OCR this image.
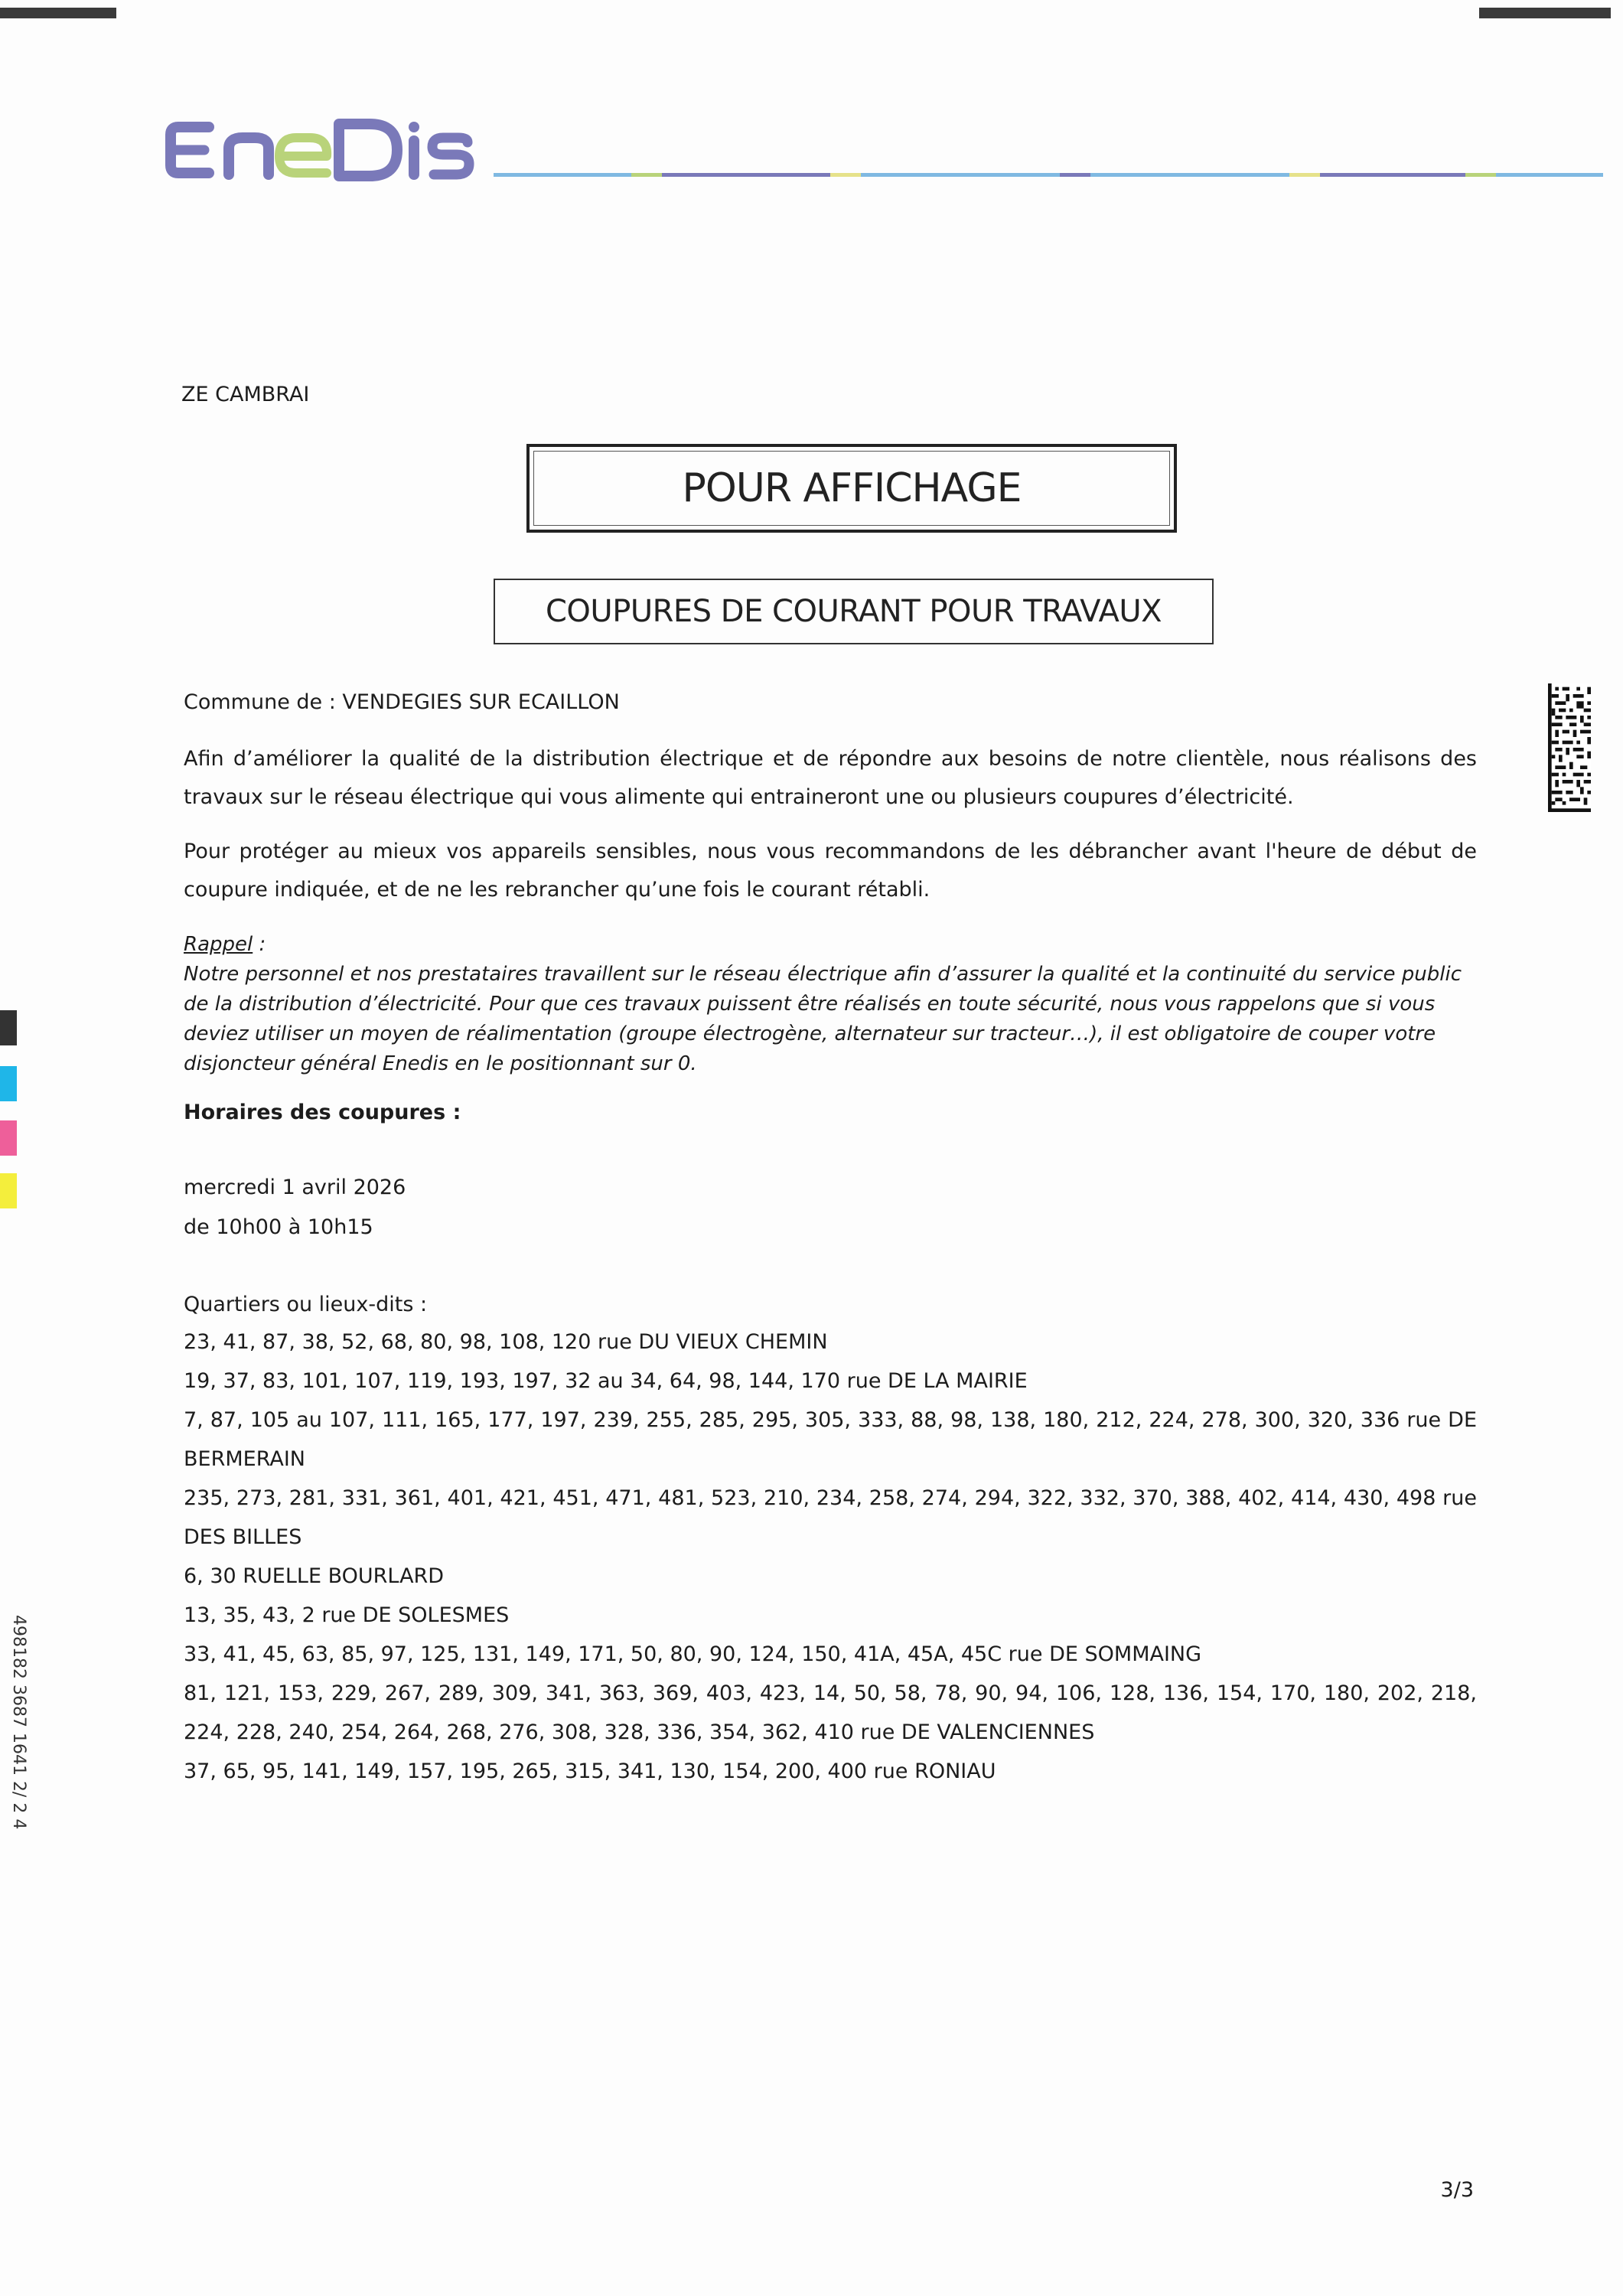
ZE CAMBRAI
POUR AFFICHAGE
COUPURES DE COURANT POUR TRAVAUX
Commune de : VENDEGIES SUR ECAILLON
Afin d’améliorer la qualité de la distribution électrique et de répondre aux besoins de notre clientèle, nous réalisons des travaux sur le réseau électrique qui vous alimente qui entraineront une ou plusieurs coupures d’électricité.
Pour protéger au mieux vos appareils sensibles, nous vous recommandons de les débrancher avant l'heure de début de coupure indiquée, et de ne les rebrancher qu’une fois le courant rétabli.
Rappel :
Notre personnel et nos prestataires travaillent sur le réseau électrique afin d’assurer la qualité et la continuité du service public de la distribution d’électricité. Pour que ces travaux puissent être réalisés en toute sécurité, nous vous rappelons que si vous deviez utiliser un moyen de réalimentation (groupe électrogène, alternateur sur tracteur…), il est obligatoire de couper votre disjoncteur général Enedis en le positionnant sur 0.
Horaires des coupures :
mercredi 1 avril 2026
de 10h00 à 10h15
Quartiers ou lieux-dits :
23, 41, 87, 38, 52, 68, 80, 98, 108, 120 rue DU VIEUX CHEMIN
19, 37, 83, 101, 107, 119, 193, 197, 32 au 34, 64, 98, 144, 170 rue DE LA MAIRIE
7, 87, 105 au 107, 111, 165, 177, 197, 239, 255, 285, 295, 305, 333, 88, 98, 138, 180, 212, 224, 278, 300, 320, 336 rue DE BERMERAIN
235, 273, 281, 331, 361, 401, 421, 451, 471, 481, 523, 210, 234, 258, 274, 294, 322, 332, 370, 388, 402, 414, 430, 498 rue DES BILLES
6, 30 RUELLE BOURLARD
13, 35, 43, 2 rue DE SOLESMES
33, 41, 45, 63, 85, 97, 125, 131, 149, 171, 50, 80, 90, 124, 150, 41A, 45A, 45C rue DE SOMMAING
81, 121, 153, 229, 267, 289, 309, 341, 363, 369, 403, 423, 14, 50, 58, 78, 90, 94, 106, 128, 136, 154, 170, 180, 202, 218, 224, 228, 240, 254, 264, 268, 276, 308, 328, 336, 354, 362, 410 rue DE VALENCIENNES
37, 65, 95, 141, 149, 157, 195, 265, 315, 341, 130, 154, 200, 400 rue RONIAU
498182 3687 1641 2/ 2 4
3/3
